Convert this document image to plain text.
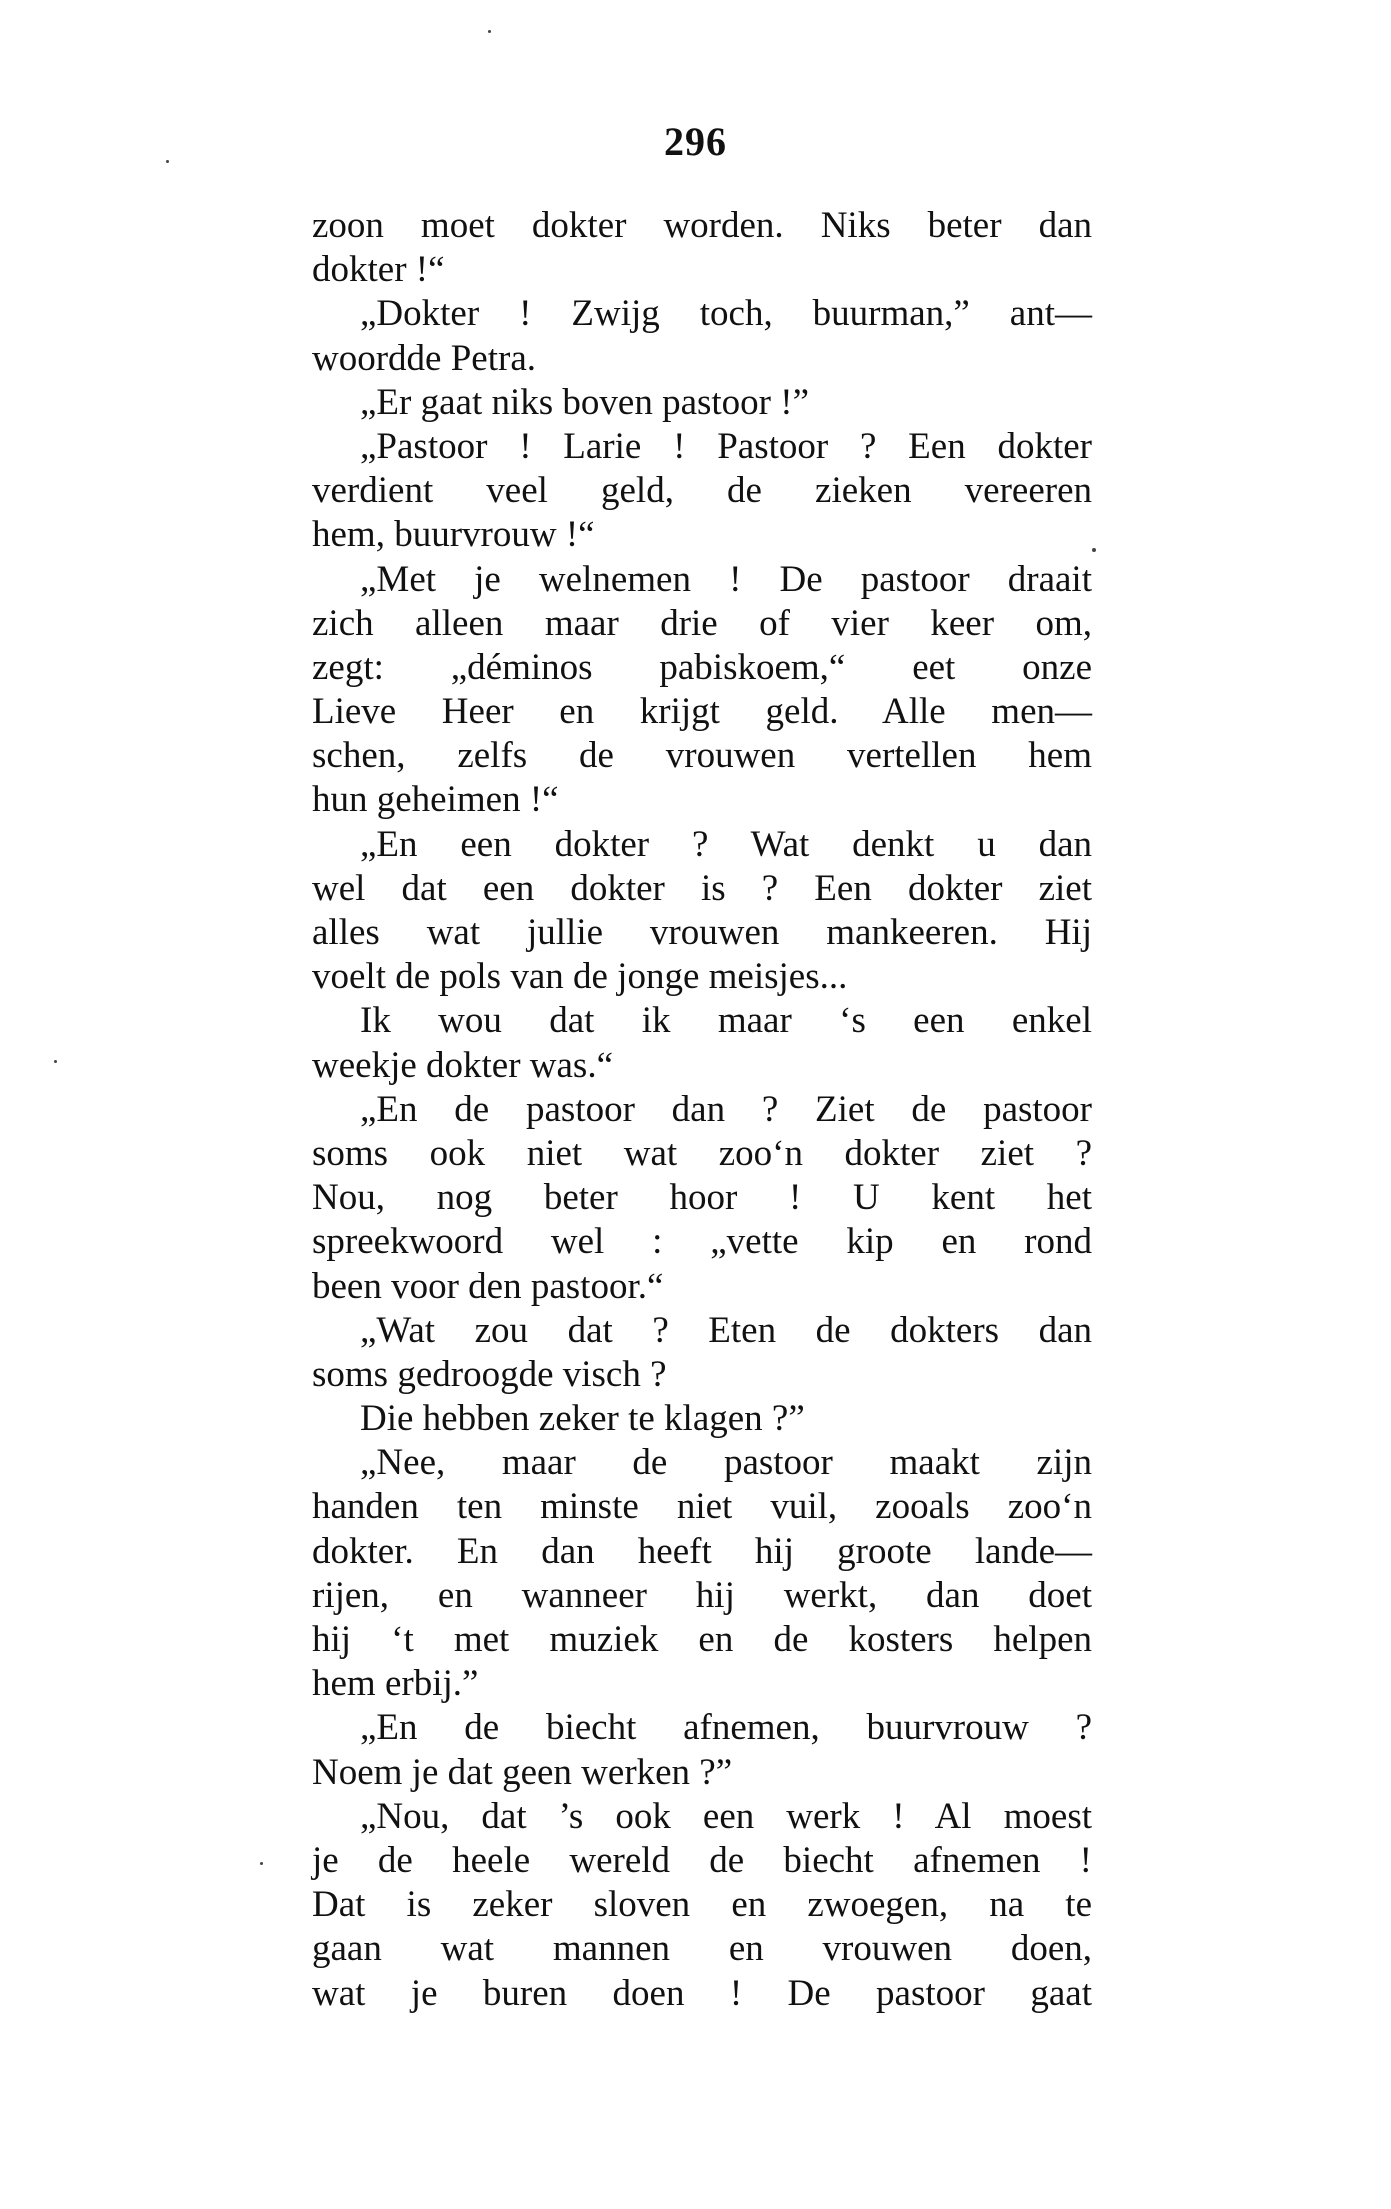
296
zoon moet dokter worden. Niks beter dan
dokter !“
„Dokter ! Zwijg toch, buurman,” ant—
woordde Petra.
„Er gaat niks boven pastoor !”
„Pastoor ! Larie ! Pastoor ? Een dokter
verdient veel geld, de zieken vereeren
hem, buurvrouw !“
„Met je welnemen ! De pastoor draait
zich alleen maar drie of vier keer om,
zegt: „déminos pabiskoem,“ eet onze
Lieve Heer en krijgt geld. Alle men—
schen, zelfs de vrouwen vertellen hem
hun geheimen !“
„En een dokter ? Wat denkt u dan
wel dat een dokter is ? Een dokter ziet
alles wat jullie vrouwen mankeeren. Hij
voelt de pols van de jonge meisjes...
Ik wou dat ik maar ‘s een enkel
weekje dokter was.“
„En de pastoor dan ? Ziet de pastoor
soms ook niet wat zoo‘n dokter ziet ?
Nou, nog beter hoor ! U kent het
spreekwoord wel : „vette kip en rond
been voor den pastoor.“
„Wat zou dat ? Eten de dokters dan
soms gedroogde visch ?
Die hebben zeker te klagen ?”
„Nee, maar de pastoor maakt zijn
handen ten minste niet vuil, zooals zoo‘n
dokter. En dan heeft hij groote lande—
rijen, en wanneer hij werkt, dan doet
hij ‘t met muziek en de kosters helpen
hem erbij.”
„En de biecht afnemen, buurvrouw ?
Noem je dat geen werken ?”
„Nou, dat ’s ook een werk ! Al moest
je de heele wereld de biecht afnemen !
Dat is zeker sloven en zwoegen, na te
gaan wat mannen en vrouwen doen,
wat je buren doen ! De pastoor gaat
